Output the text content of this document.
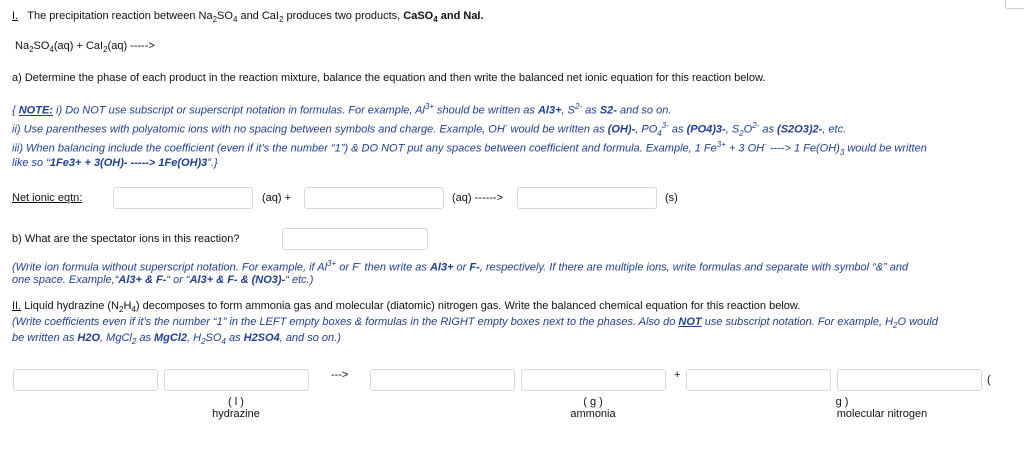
I. The precipitation reaction between $Na_2SO_4$ and CaI$_2$ produces two products, CaSO$_4$ and NaI.
$Na_2SO_4(aq) + CaI_2(aq)$ ----->
a) Determine the phase of each product in the reaction mixture, balance the equation and then write the balanced net ionic equation for this reaction below.
{ NOTE: i) Do NOT use subscript or superscript notation in formulas. For example, $Al^{3+}$ should be written as Al3+, $S^{2-}$ as S2- and so on.
ii) Use parentheses with polyatomic ions with no spacing between symbols and charge. Example, OH- would be written as (OH)-, $PO_4^{3-}$ as (PO4)3-, $S_2O^{2-}$ as (S2O3)2-, etc.
iii) When balancing include the coefficient (even if it’s the number “1”) & DO NOT put any spaces between coefficient and formula. Example, 1 $Fe^{3+} + 3$ OH- ----> 1 $Fe(OH)_3$ would be written
like so “1Fe3+ + 3(OH)- -----> 1Fe(OH)3”.}
Net ionic eqtn:	(aq) +	(aq) ------>	(s)
b) What are the spectator ions in this reaction?
(Write ion formula without superscript notation. For example, if $Al^{3+}$ or F- then write as Al3+ or F-, respectively. If there are multiple ions, write formulas and separate with symbol “&” and
one space. Example,“Al3+ & F-“ or “Al3+ & F- & (NO3)-“ etc.)
II. Liquid hydrazine $(N_2H_4)$ decomposes to form ammonia gas and molecular (diatomic) nitrogen gas. Write the balanced chemical equation for this reaction below.
(Write coefficients even if it’s the number “1” in the LEFT empty boxes & formulas in the RIGHT empty boxes next to the phases. Also do NOT use subscript notation. For example, $H_2O$ would
be written as H2O, MgCl$_2$ as MgCl2, $H_2SO_4$ as H2SO4, and so on.)
--->	+	(
( l )
hydrazine
( g )
ammonia
g )
molecular nitrogen
